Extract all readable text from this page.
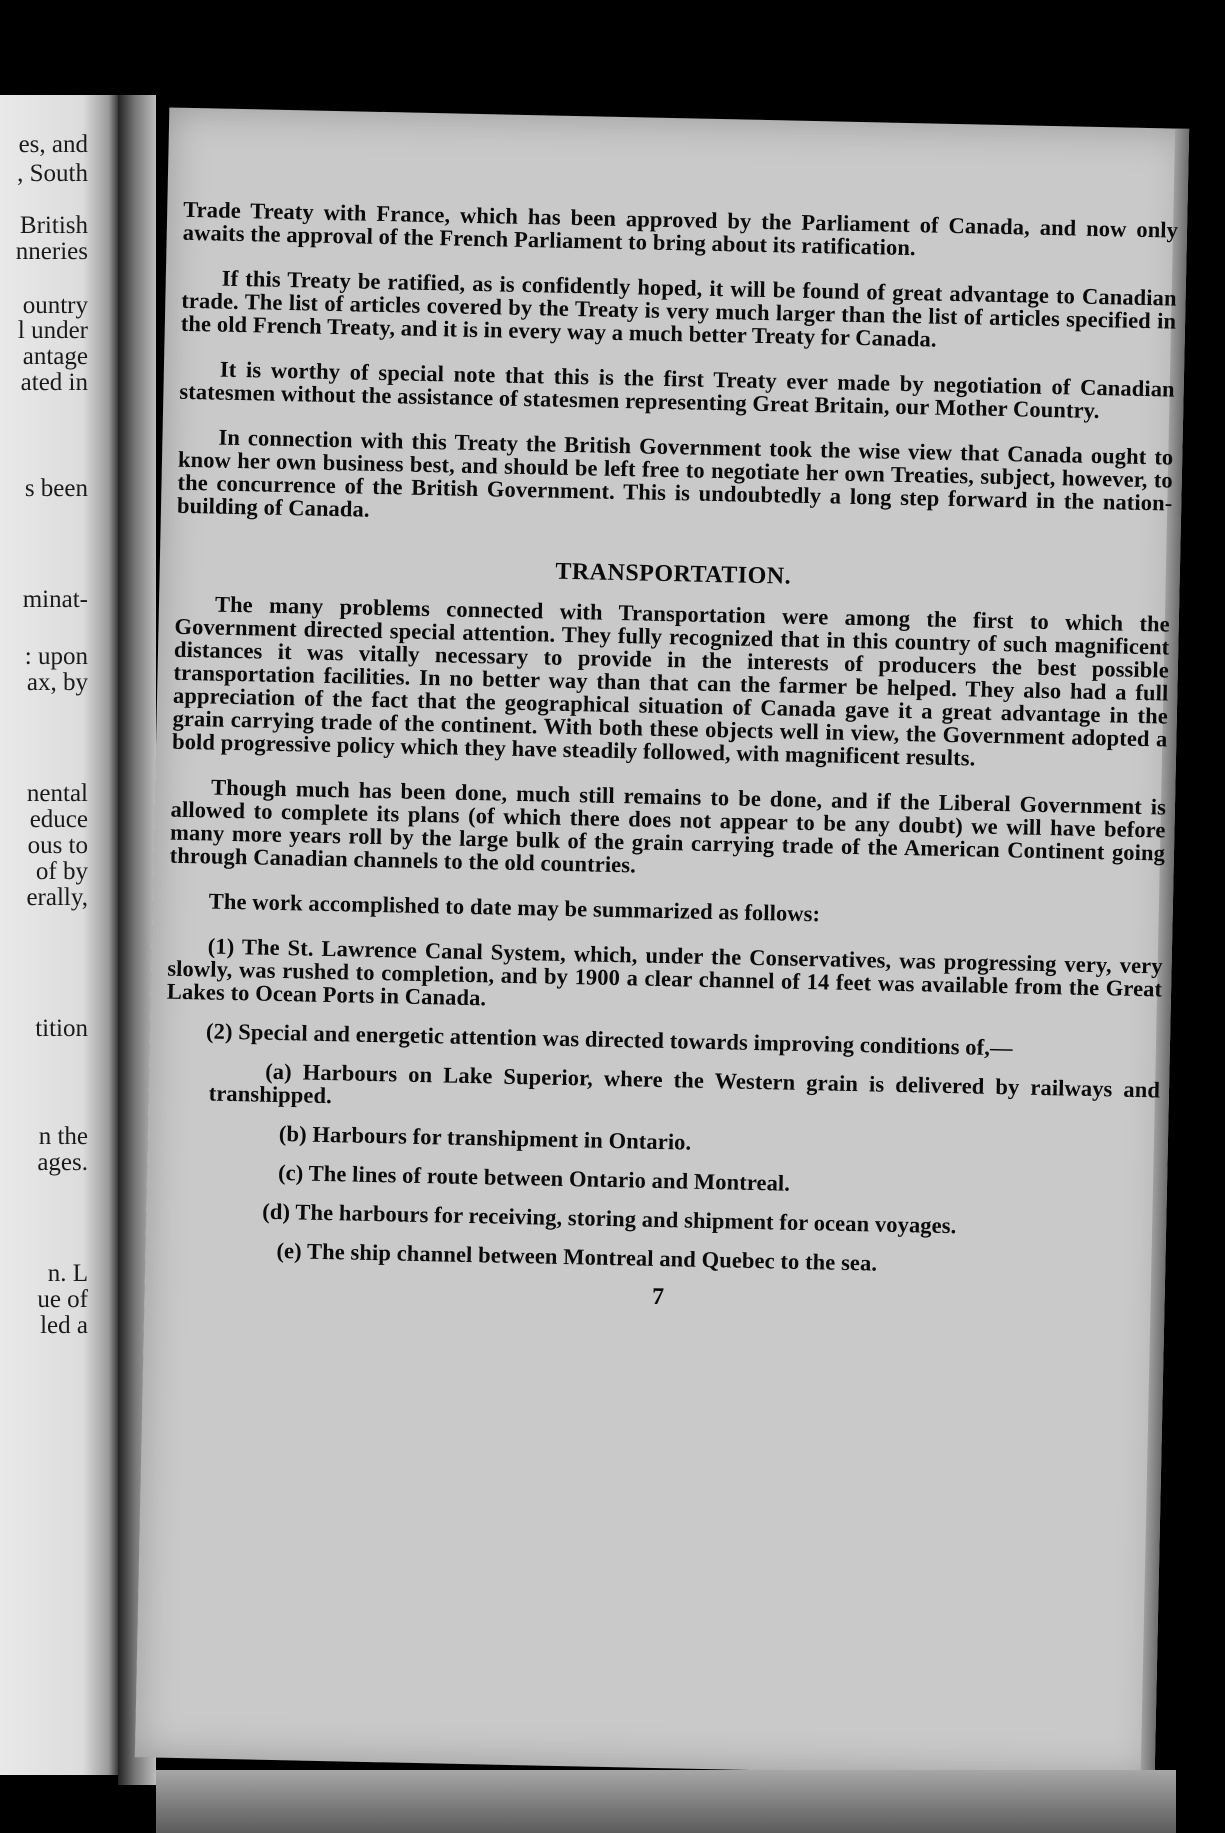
es, and
, South
British
nneries
ountry
l under
antage
ated in
s been
minat-
: upon
ax, by
nental
educe
ous to
of by
erally,
tition
n the
ages.
n. L
ue of
led a

Trade Treaty with France, which has been approved by the Parliament of Canada, and now only awaits the approval of the French Parliament to bring about its ratification.

If this Treaty be ratified, as is confidently hoped, it will be found of great advantage to Canadian trade. The list of articles covered by the Treaty is very much larger than the list of articles specified in the old French Treaty, and it is in every way a much better Treaty for Canada.

It is worthy of special note that this is the first Treaty ever made by negotiation of Canadian statesmen without the assistance of statesmen representing Great Britain, our Mother Country.

In connection with this Treaty the British Government took the wise view that Canada ought to know her own business best, and should be left free to negotiate her own Treaties, subject, however, to the concurrence of the British Government. This is undoubtedly a long step forward in the nation-building of Canada.

TRANSPORTATION.

The many problems connected with Transportation were among the first to which the Government directed special attention. They fully recognized that in this country of such magnificent distances it was vitally necessary to provide in the interests of producers the best possible transportation facilities. In no better way than that can the farmer be helped. They also had a full appreciation of the fact that the geographical situation of Canada gave it a great advantage in the grain carrying trade of the continent. With both these objects well in view, the Government adopted a bold progressive policy which they have steadily followed, with magnificent results.

Though much has been done, much still remains to be done, and if the Liberal Government is allowed to complete its plans (of which there does not appear to be any doubt) we will have before many more years roll by the large bulk of the grain carrying trade of the American Continent going through Canadian channels to the old countries.

The work accomplished to date may be summarized as follows:

(1) The St. Lawrence Canal System, which, under the Conservatives, was progressing very, very slowly, was rushed to completion, and by 1900 a clear channel of 14 feet was available from the Great Lakes to Ocean Ports in Canada.

(2) Special and energetic attention was directed towards improving conditions of,—

(a) Harbours on Lake Superior, where the Western grain is delivered by railways and transhipped.

(b) Harbours for transhipment in Ontario.

(c) The lines of route between Ontario and Montreal.

(d) The harbours for receiving, storing and shipment for ocean voyages.

(e) The ship channel between Montreal and Quebec to the sea.

7
